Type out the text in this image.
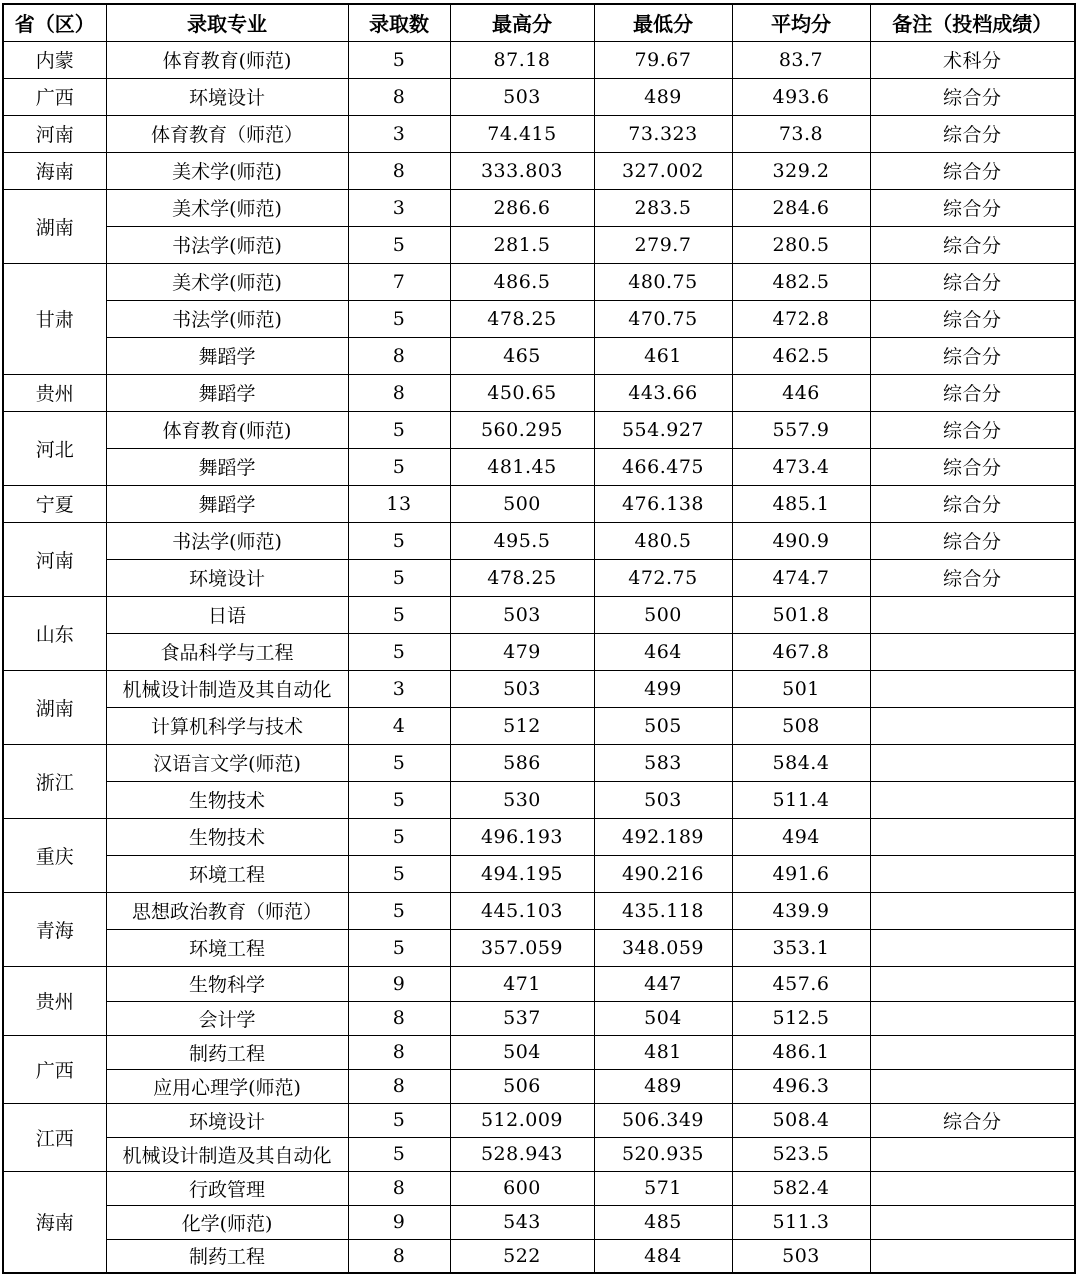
省（区）	录取专业	录取数	最高分	最低分	平均分	备注（投档成绩）
内蒙	体育教育(师范)	5	87.18	79.67	83.7	术科分
广西	环境设计	8	503	489	493.6	综合分
河南	体育教育（师范）	3	74.415	73.323	73.8	综合分
海南	美术学(师范)	8	333.803	327.002	329.2	综合分
湖南	美术学(师范)	3	286.6	283.5	284.6	综合分
	书法学(师范)	5	281.5	279.7	280.5	综合分
甘肃	美术学(师范)	7	486.5	480.75	482.5	综合分
	书法学(师范)	5	478.25	470.75	472.8	综合分
	舞蹈学	8	465	461	462.5	综合分
贵州	舞蹈学	8	450.65	443.66	446	综合分
河北	体育教育(师范)	5	560.295	554.927	557.9	综合分
	舞蹈学	5	481.45	466.475	473.4	综合分
宁夏	舞蹈学	13	500	476.138	485.1	综合分
河南	书法学(师范)	5	495.5	480.5	490.9	综合分
	环境设计	5	478.25	472.75	474.7	综合分
山东	日语	5	503	500	501.8	
	食品科学与工程	5	479	464	467.8	
湖南	机械设计制造及其自动化	3	503	499	501	
	计算机科学与技术	4	512	505	508	
浙江	汉语言文学(师范)	5	586	583	584.4	
	生物技术	5	530	503	511.4	
重庆	生物技术	5	496.193	492.189	494	
	环境工程	5	494.195	490.216	491.6	
青海	思想政治教育（师范）	5	445.103	435.118	439.9	
	环境工程	5	357.059	348.059	353.1	
贵州	生物科学	9	471	447	457.6	
	会计学	8	537	504	512.5	
广西	制药工程	8	504	481	486.1	
	应用心理学(师范)	8	506	489	496.3	
江西	环境设计	5	512.009	506.349	508.4	综合分
	机械设计制造及其自动化	5	528.943	520.935	523.5	
海南	行政管理	8	600	571	582.4	
	化学(师范)	9	543	485	511.3	
	制药工程	8	522	484	503	
